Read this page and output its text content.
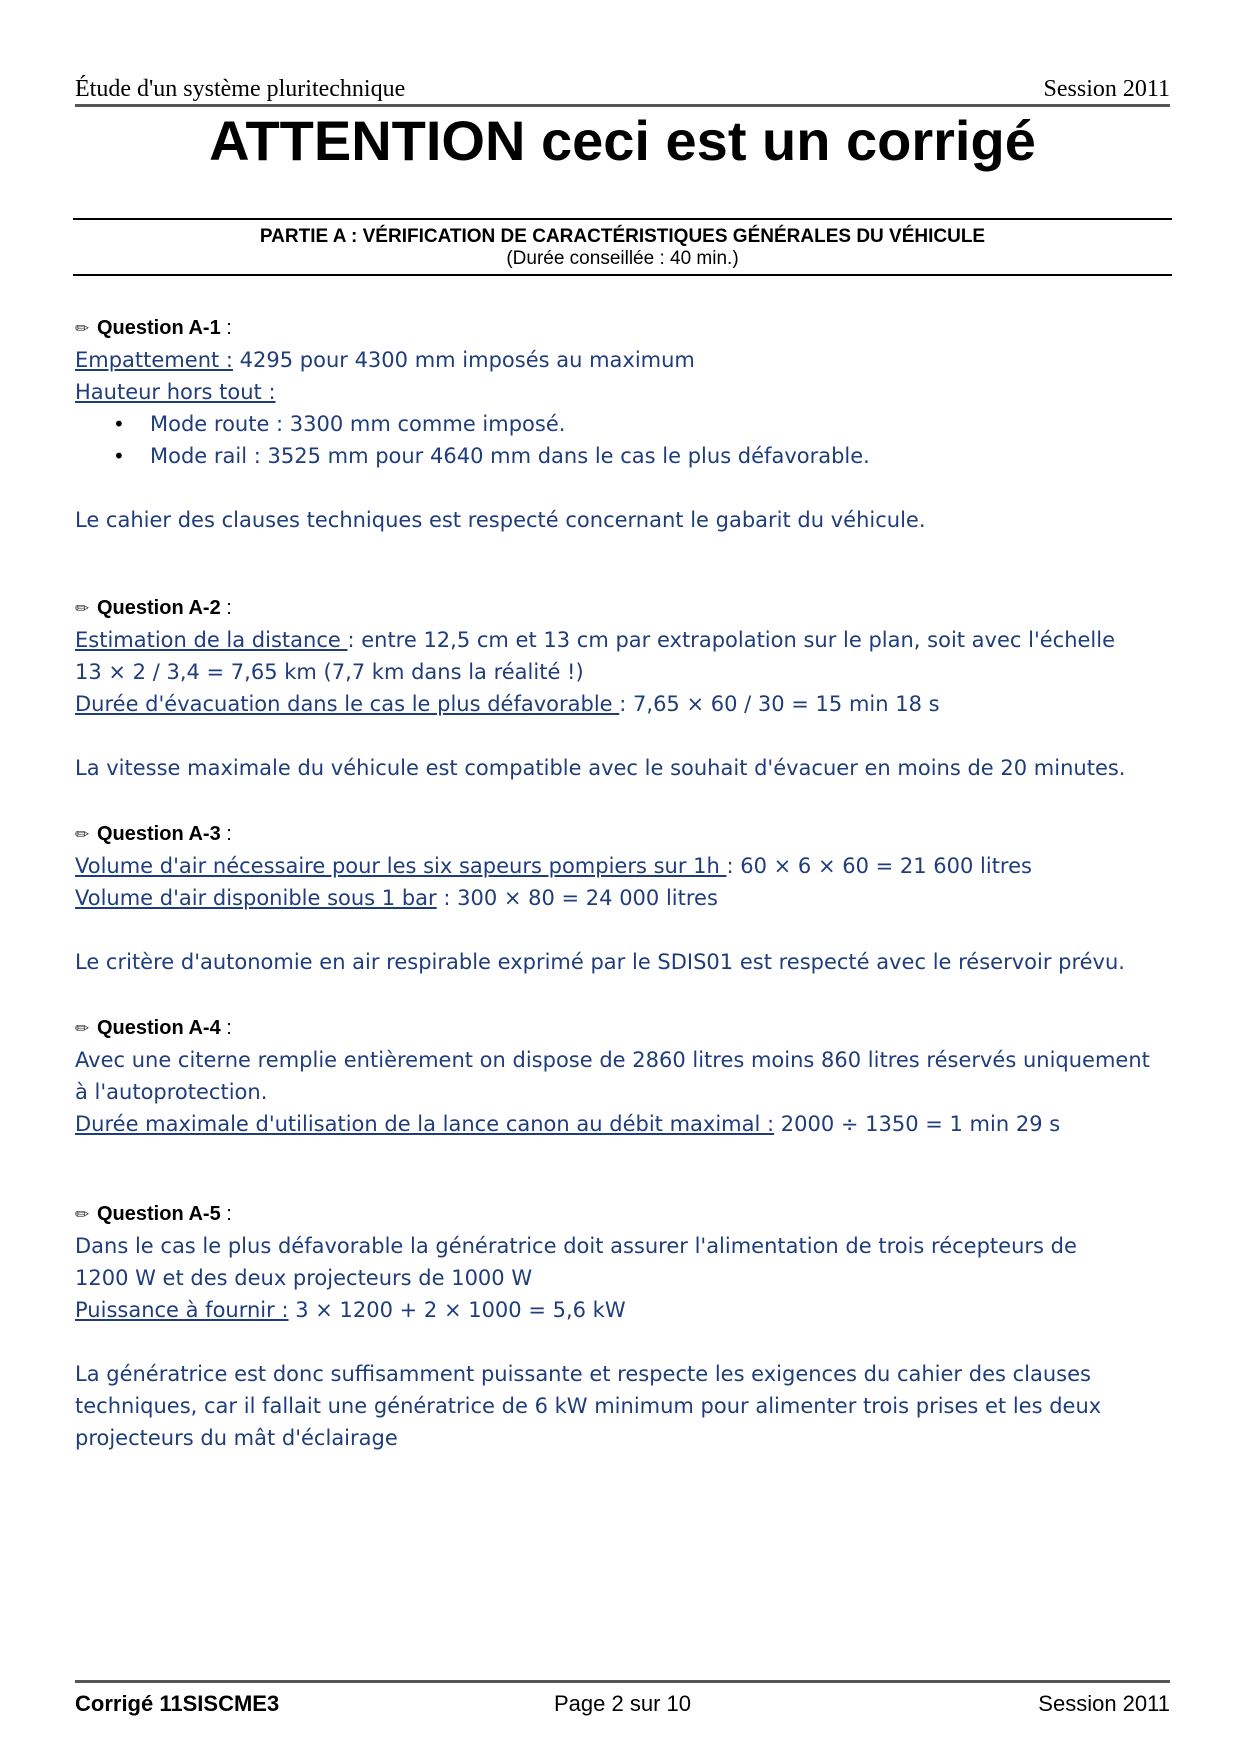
Étude d'un système pluritechnique	Session 2011
ATTENTION ceci est un corrigé
PARTIE A : VÉRIFICATION DE CARACTÉRISTIQUES GÉNÉRALES DU VÉHICULE
(Durée conseillée : 40 min.)
✏ Question A-1 :
Empattement : 4295 pour 4300 mm imposés au maximum
Hauteur hors tout :
• Mode route : 3300 mm comme imposé.
• Mode rail : 3525 mm pour 4640 mm dans le cas le plus défavorable.
Le cahier des clauses techniques est respecté concernant le gabarit du véhicule.
✏ Question A-2 :
Estimation de la distance : entre 12,5 cm et 13 cm par extrapolation sur le plan, soit avec l'échelle
13 × 2 / 3,4 = 7,65 km (7,7 km dans la réalité !)
Durée d'évacuation dans le cas le plus défavorable : 7,65 × 60 / 30 = 15 min 18 s
La vitesse maximale du véhicule est compatible avec le souhait d'évacuer en moins de 20 minutes.
✏ Question A-3 :
Volume d'air nécessaire pour les six sapeurs pompiers sur 1h : 60 × 6 × 60 = 21 600 litres
Volume d'air disponible sous 1 bar : 300 × 80 = 24 000 litres
Le critère d'autonomie en air respirable exprimé par le SDIS01 est respecté avec le réservoir prévu.
✏ Question A-4 :
Avec une citerne remplie entièrement on dispose de 2860 litres moins 860 litres réservés uniquement
à l'autoprotection.
Durée maximale d'utilisation de la lance canon au débit maximal : 2000 ÷ 1350 = 1 min 29 s
✏ Question A-5 :
Dans le cas le plus défavorable la génératrice doit assurer l'alimentation de trois récepteurs de
1200 W et des deux projecteurs de 1000 W
Puissance à fournir : 3 × 1200 + 2 × 1000 = 5,6 kW
La génératrice est donc suffisamment puissante et respecte les exigences du cahier des clauses
techniques, car il fallait une génératrice de 6 kW minimum pour alimenter trois prises et les deux
projecteurs du mât d'éclairage
Corrigé 11SISCME3	Page 2 sur 10	Session 2011
